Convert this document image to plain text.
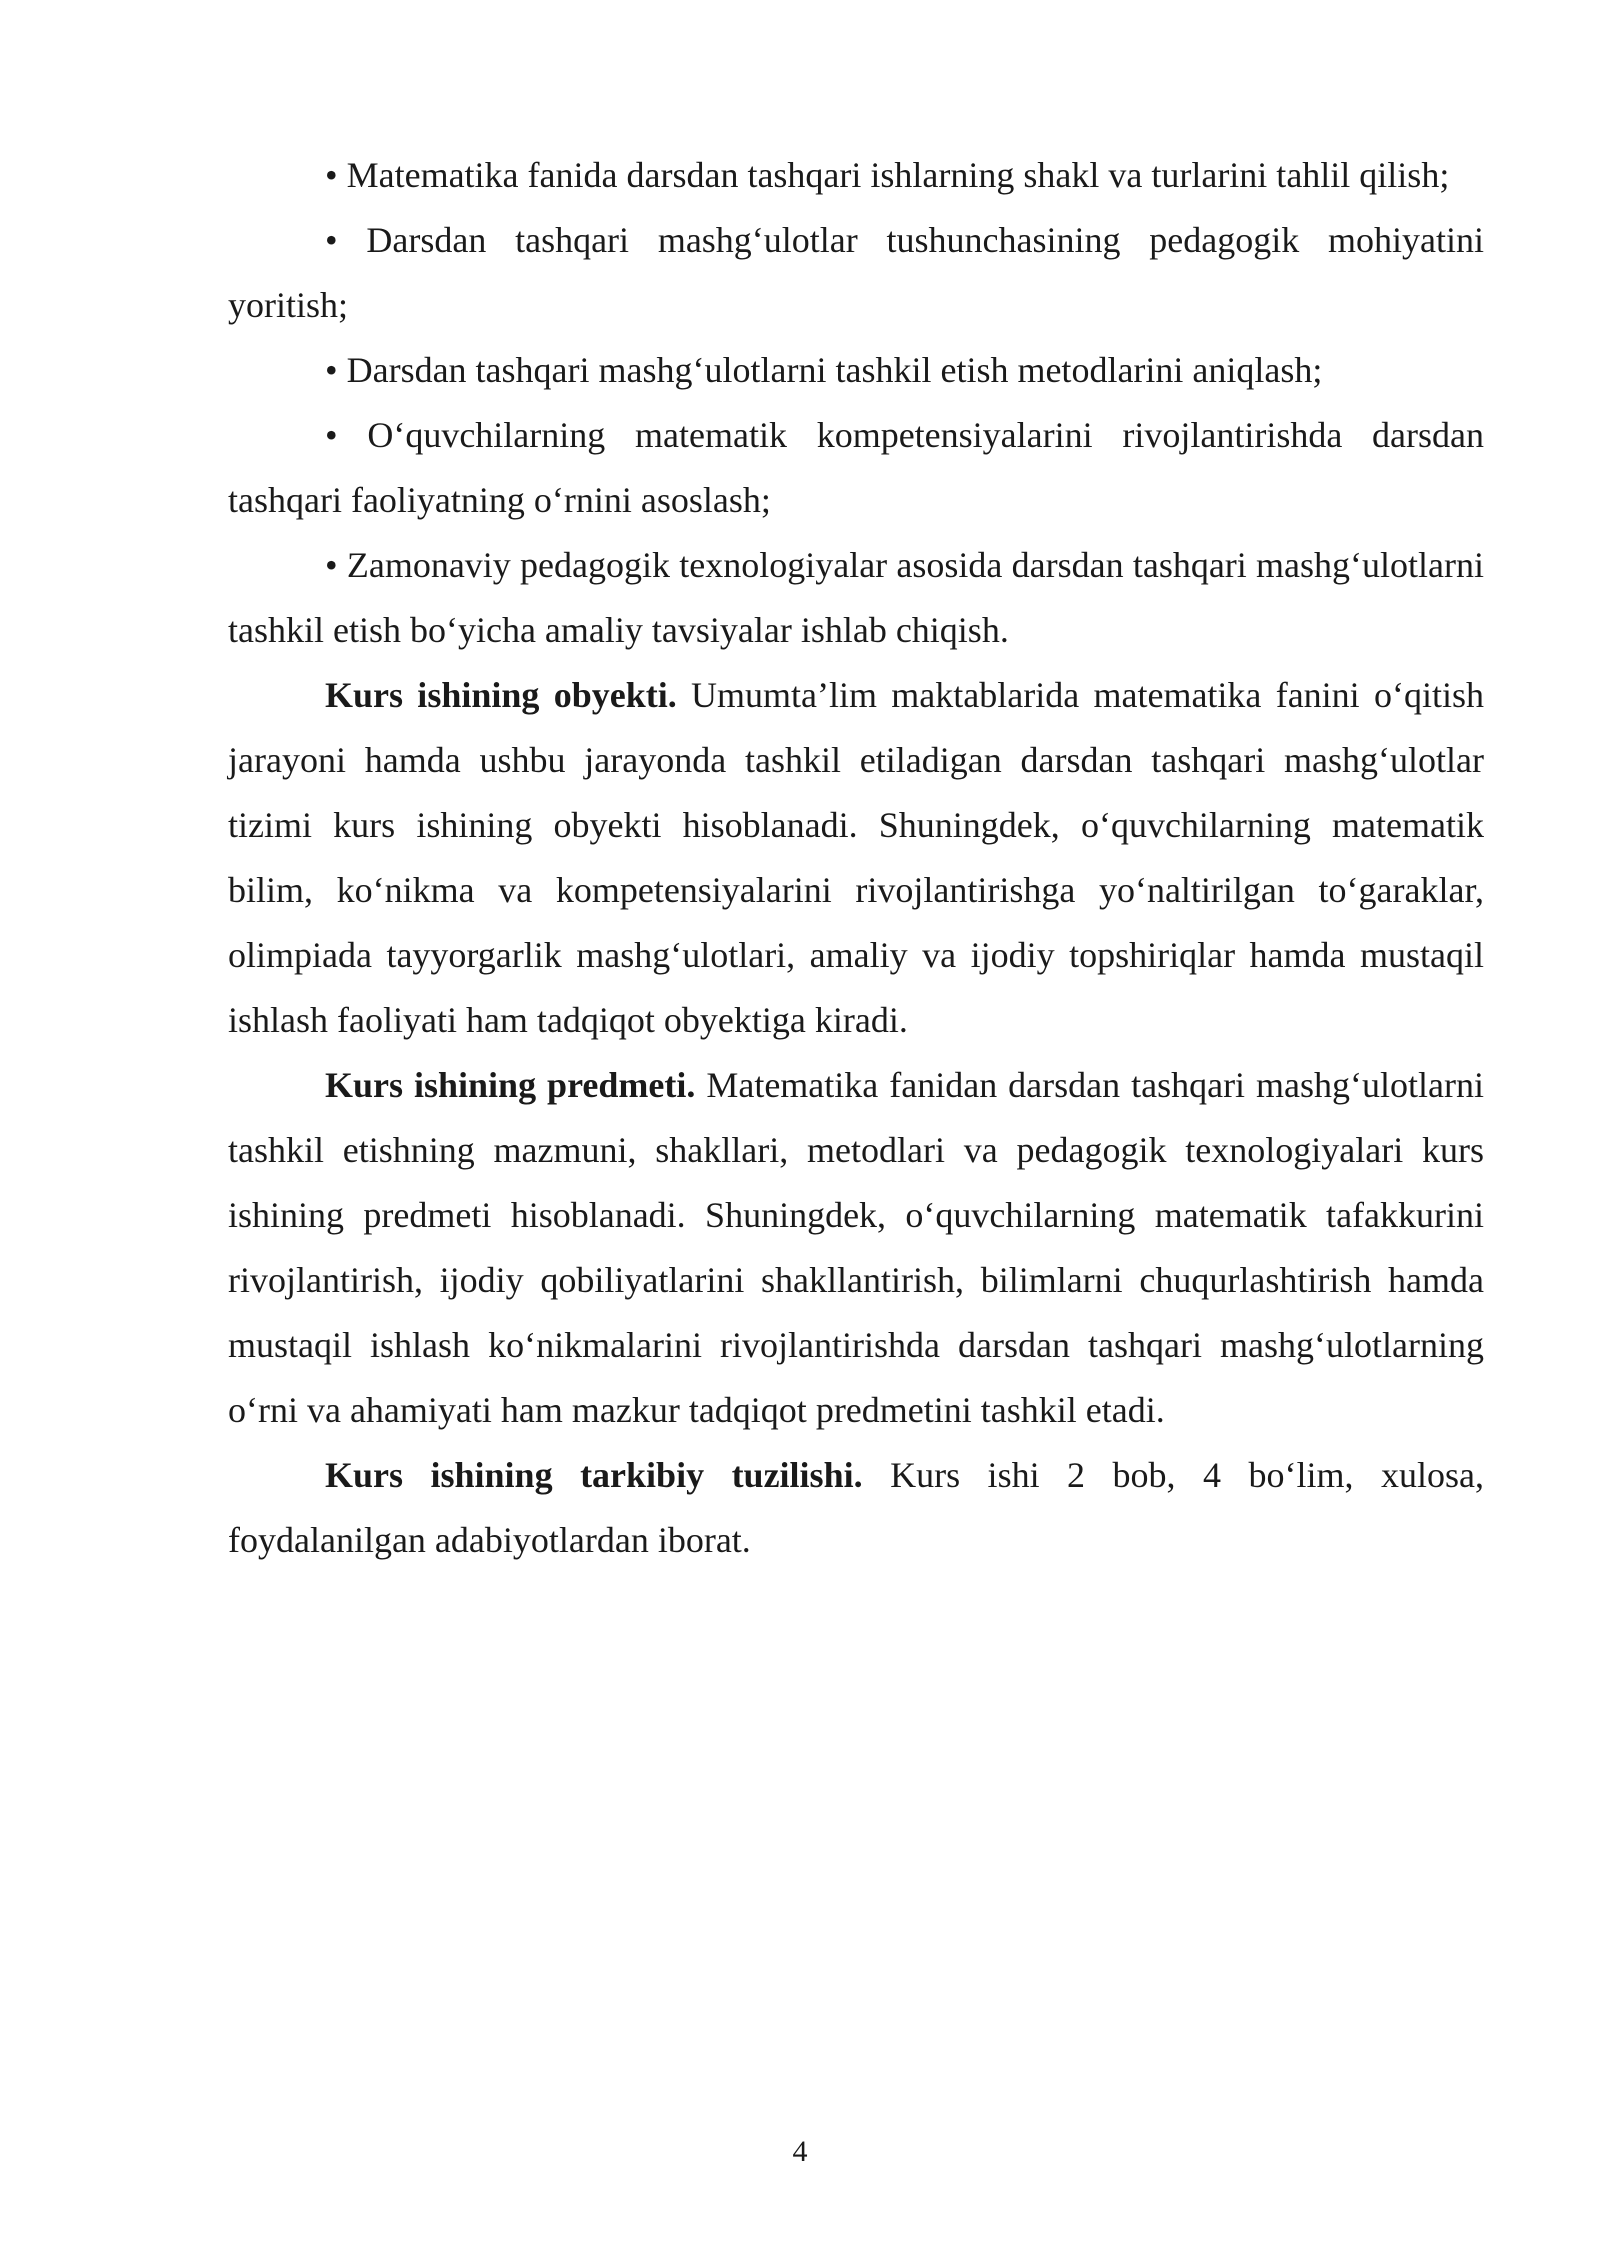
• Matematika fanida darsdan tashqari ishlarning shakl va turlarini tahlil qilish;

• Darsdan tashqari mashg‘ulotlar tushunchasining pedagogik mohiyatini yoritish;

• Darsdan tashqari mashg‘ulotlarni tashkil etish metodlarini aniqlash;

• O‘quvchilarning matematik kompetensiyalarini rivojlantirishda darsdan tashqari faoliyatning o‘rnini asoslash;

• Zamonaviy pedagogik texnologiyalar asosida darsdan tashqari mashg‘ulotlarni tashkil etish bo‘yicha amaliy tavsiyalar ishlab chiqish.

Kurs ishining obyekti. Umumta’lim maktablarida matematika fanini o‘qitish jarayoni hamda ushbu jarayonda tashkil etiladigan darsdan tashqari mashg‘ulotlar tizimi kurs ishining obyekti hisoblanadi. Shuningdek, o‘quvchilarning matematik bilim, ko‘nikma va kompetensiyalarini rivojlantirishga yo‘naltirilgan to‘garaklar, olimpiada tayyorgarlik mashg‘ulotlari, amaliy va ijodiy topshiriqlar hamda mustaqil ishlash faoliyati ham tadqiqot obyektiga kiradi.

Kurs ishining predmeti. Matematika fanidan darsdan tashqari mashg‘ulotlarni tashkil etishning mazmuni, shakllari, metodlari va pedagogik texnologiyalari kurs ishining predmeti hisoblanadi. Shuningdek, o‘quvchilarning matematik tafakkurini rivojlantirish, ijodiy qobiliyatlarini shakllantirish, bilimlarni chuqurlashtirish hamda mustaqil ishlash ko‘nikmalarini rivojlantirishda darsdan tashqari mashg‘ulotlarning o‘rni va ahamiyati ham mazkur tadqiqot predmetini tashkil etadi.

Kurs ishining tarkibiy tuzilishi. Kurs ishi 2 bob, 4 bo‘lim, xulosa, foydalanilgan adabiyotlardan iborat.

4
